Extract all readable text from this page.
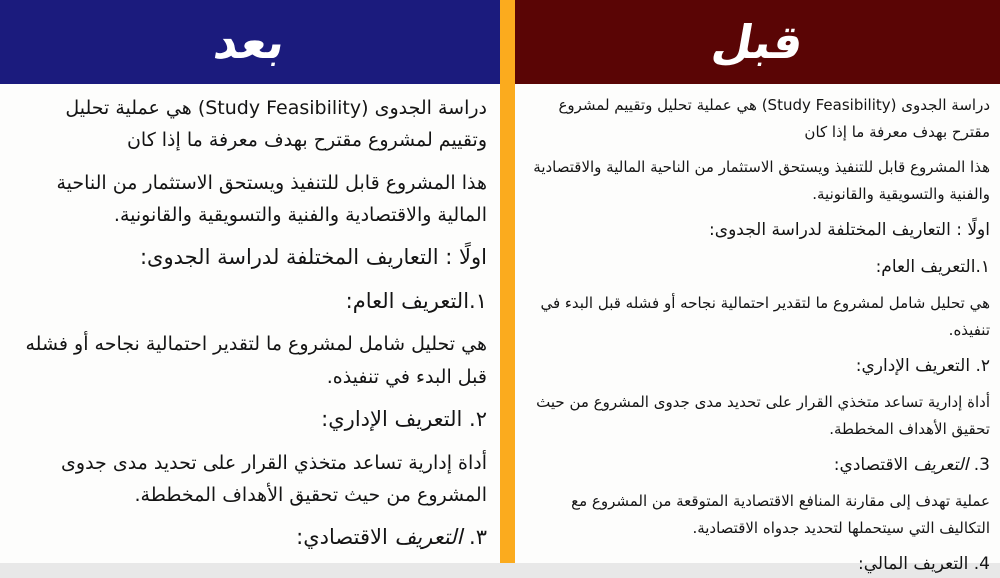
بعد

دراسة الجدوى (Study Feasibility) هي عملية تحليل وتقييم لمشروع مقترح بهدف معرفة ما إذا كان

هذا المشروع قابل للتنفيذ ويستحق الاستثمار من الناحية المالية والاقتصادية والفنية والتسويقية والقانونية.

اولًا : التعاريف المختلفة لدراسة الجدوى:

١.التعريف العام:

هي تحليل شامل لمشروع ما لتقدير احتمالية نجاحه أو فشله قبل البدء في تنفيذه.

٢. التعريف الإداري:

أداة إدارية تساعد متخذي القرار على تحديد مدى جدوى المشروع من حيث تحقيق الأهداف المخططة.

٣. التعريف الاقتصادي:

قبل

دراسة الجدوى (Study Feasibility) هي عملية تحليل وتقييم لمشروع مقترح بهدف معرفة ما إذا كان

هذا المشروع قابل للتنفيذ ويستحق الاستثمار من الناحية المالية والاقتصادية والفنية والتسويقية والقانونية.

اولًا : التعاريف المختلفة لدراسة الجدوى:

١.التعريف العام:

هي تحليل شامل لمشروع ما لتقدير احتمالية نجاحه أو فشله قبل البدء في تنفيذه.

٢. التعريف الإداري:

أداة إدارية تساعد متخذي القرار على تحديد مدى جدوى المشروع من حيث تحقيق الأهداف المخططة.

3. التعريف الاقتصادي:

عملية تهدف إلى مقارنة المنافع الاقتصادية المتوقعة من المشروع مع التكاليف التي سيتحملها لتحديد جدواه الاقتصادية.

4. التعريف المالي:
